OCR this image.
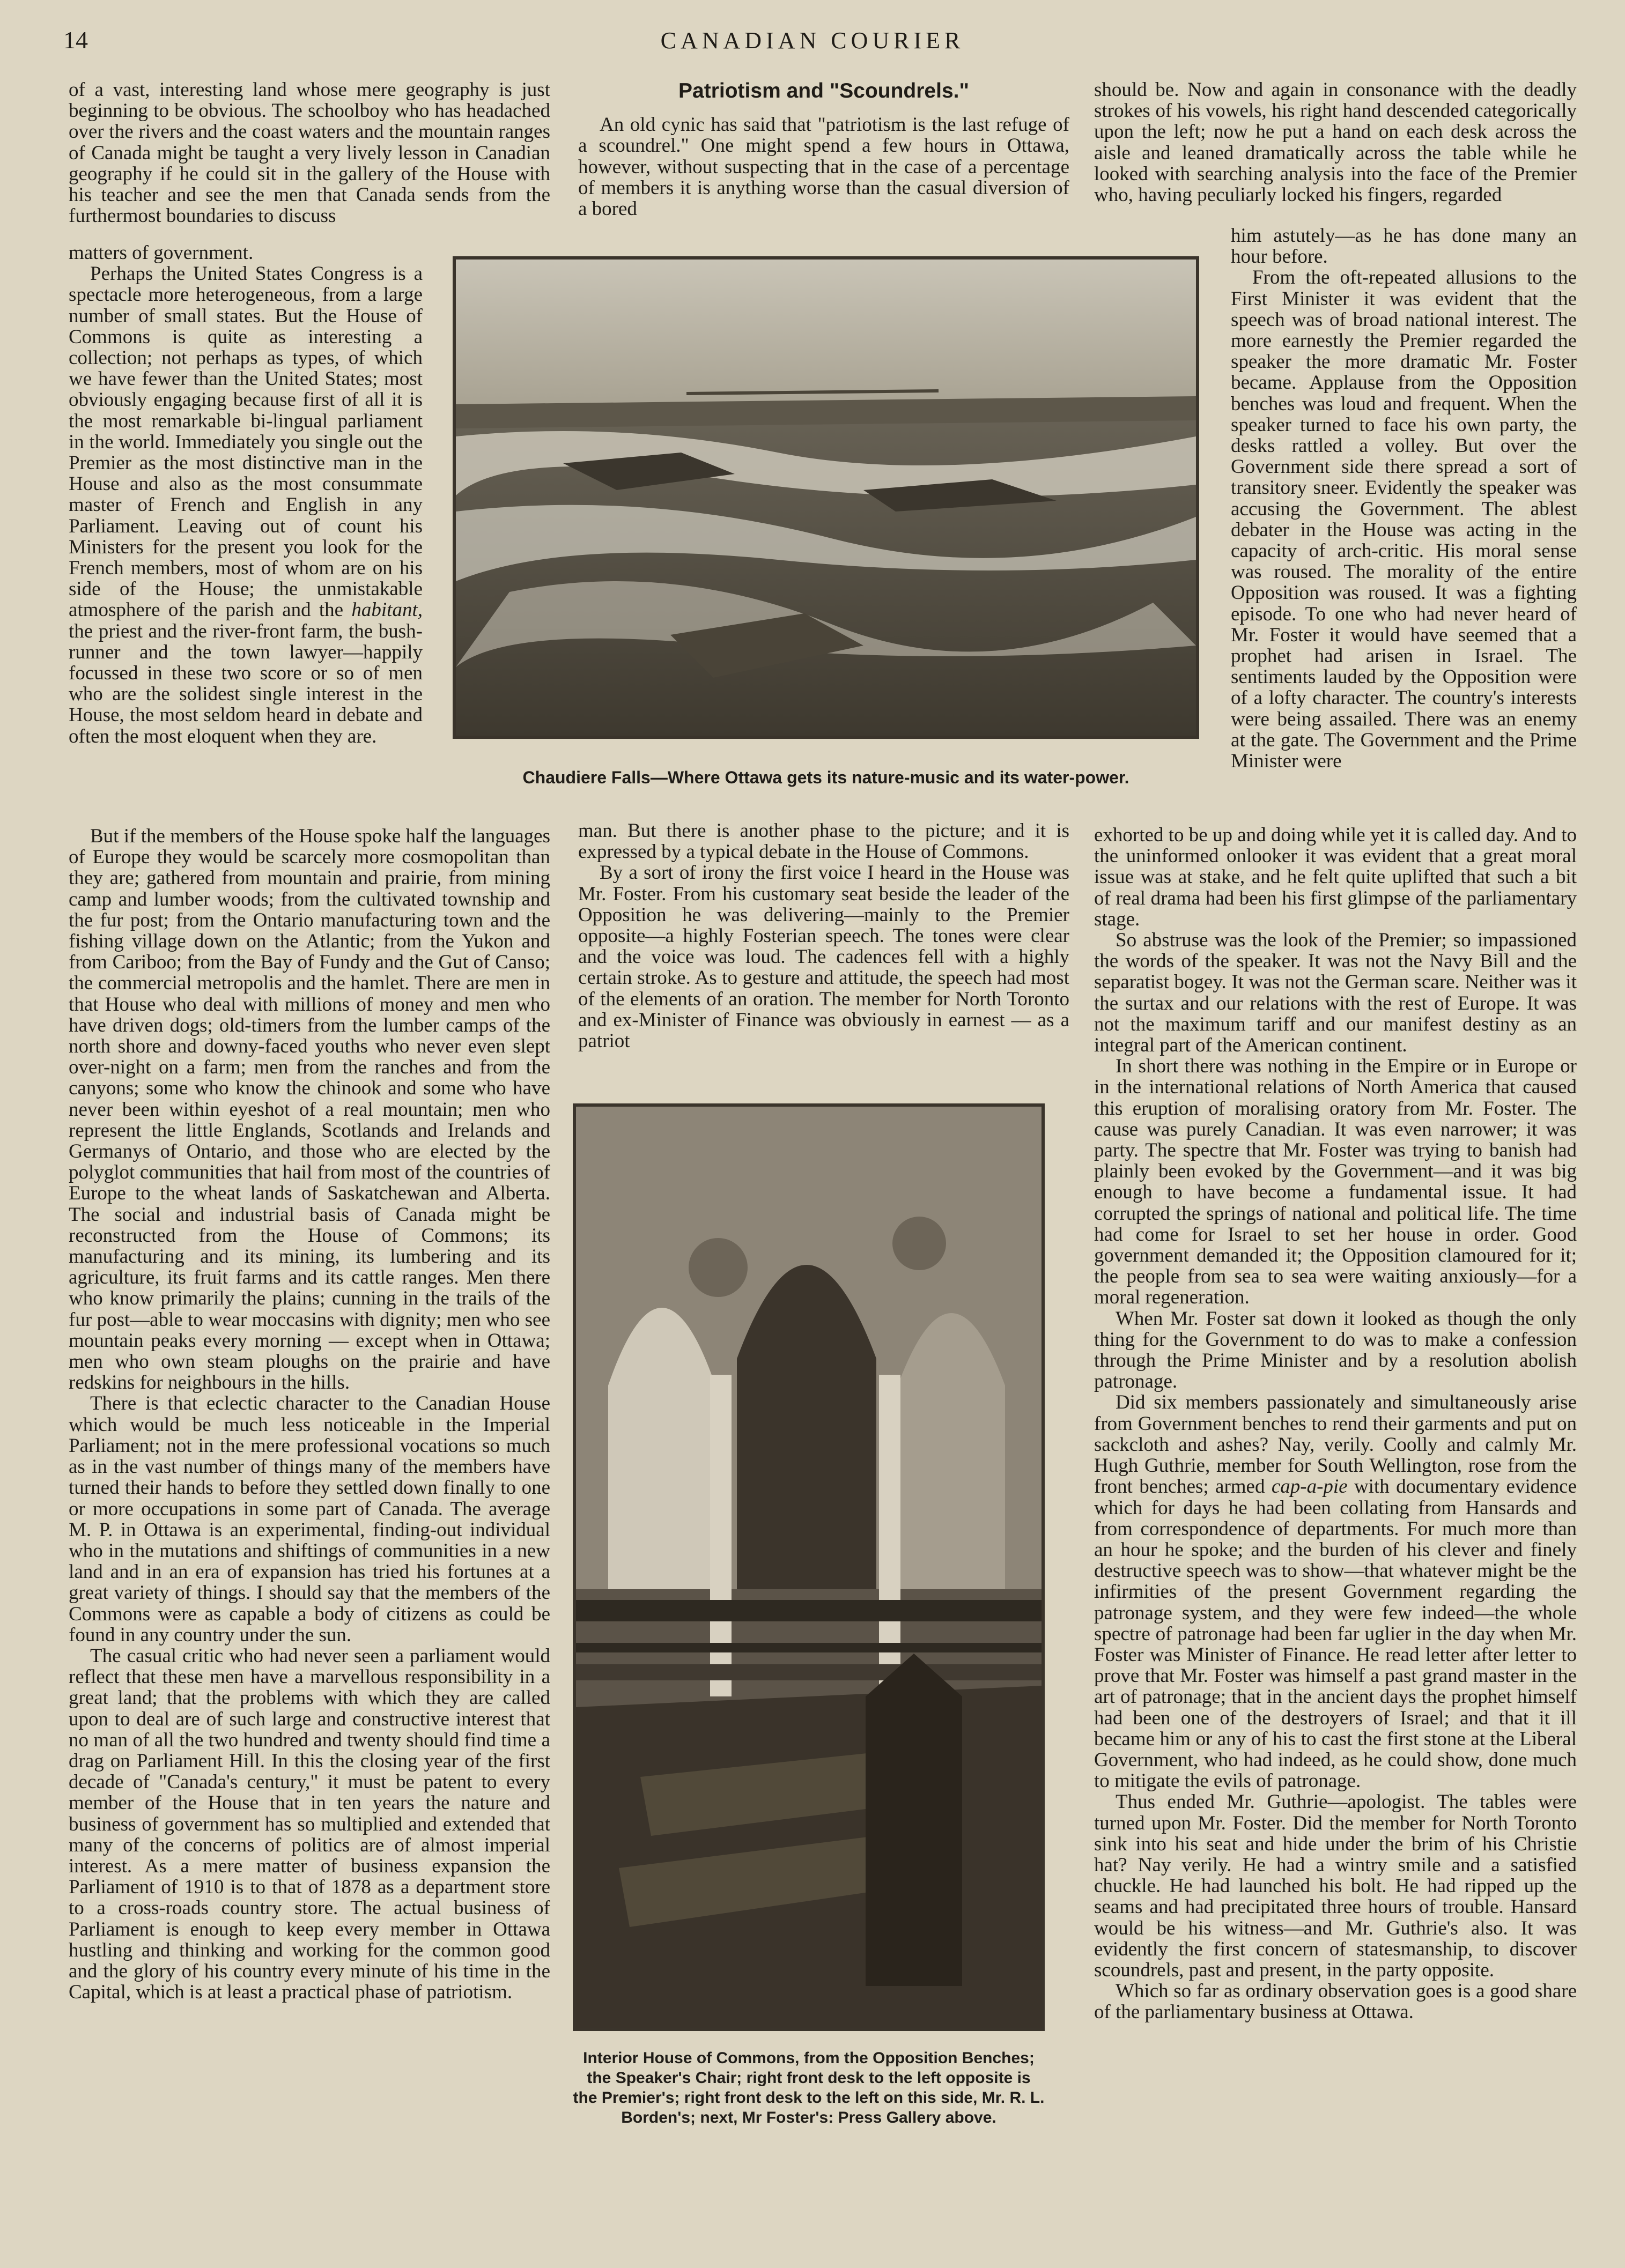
14	CANADIAN COURIER

of a vast, interesting land whose mere geography is just beginning to be obvious. The schoolboy who has headached over the rivers and the coast waters and the mountain ranges of Canada might be taught a very lively lesson in Canadian geography if he could sit in the gallery of the House with his teacher and see the men that Canada sends from the furthermost boundaries to discuss

matters of government.

Perhaps the United States Congress is a spectacle more heterogeneous, from a large number of small states. But the House of Commons is quite as interesting a collection; not perhaps as types, of which we have fewer than the United States; most obviously engaging because first of all it is the most remarkable bi-lingual parliament in the world. Immediately you single out the Premier as the most distinctive man in the House and also as the most consummate master of French and English in any Parliament. Leaving out of count his Ministers for the present you look for the French members, most of whom are on his side of the House; the unmistakable atmosphere of the parish and the habitant, the priest and the river-front farm, the bush-runner and the town lawyer—happily focussed in these two score or so of men who are the solidest single interest in the House, the most seldom heard in debate and often the most eloquent when they are.

But if the members of the House spoke half the languages of Europe they would be scarcely more cosmopolitan than they are; gathered from mountain and prairie, from mining camp and lumber woods; from the cultivated township and the fur post; from the Ontario manufacturing town and the fishing village down on the Atlantic; from the Yukon and from Cariboo; from the Bay of Fundy and the Gut of Canso; the commercial metropolis and the hamlet. There are men in that House who deal with millions of money and men who have driven dogs; old-timers from the lumber camps of the north shore and downy-faced youths who never even slept over-night on a farm; men from the ranches and from the canyons; some who know the chinook and some who have never been within eyeshot of a real mountain; men who represent the little Englands, Scotlands and Irelands and Germanys of Ontario, and those who are elected by the polyglot communities that hail from most of the countries of Europe to the wheat lands of Saskatchewan and Alberta. The social and industrial basis of Canada might be reconstructed from the House of Commons; its manufacturing and its mining, its lumbering and its agriculture, its fruit farms and its cattle ranges. Men there who know primarily the plains; cunning in the trails of the fur post—able to wear moccasins with dignity; men who see mountain peaks every morning — except when in Ottawa; men who own steam ploughs on the prairie and have redskins for neighbours in the hills.

There is that eclectic character to the Canadian House which would be much less noticeable in the Imperial Parliament; not in the mere professional vocations so much as in the vast number of things many of the members have turned their hands to before they settled down finally to one or more occupations in some part of Canada. The average M. P. in Ottawa is an experimental, finding-out individual who in the mutations and shiftings of communities in a new land and in an era of expansion has tried his fortunes at a great variety of things. I should say that the members of the Commons were as capable a body of citizens as could be found in any country under the sun.

The casual critic who had never seen a parliament would reflect that these men have a marvellous responsibility in a great land; that the problems with which they are called upon to deal are of such large and constructive interest that no man of all the two hundred and twenty should find time a drag on Parliament Hill. In this the closing year of the first decade of "Canada's century," it must be patent to every member of the House that in ten years the nature and business of government has so multiplied and extended that many of the concerns of politics are of almost imperial interest. As a mere matter of business expansion the Parliament of 1910 is to that of 1878 as a department store to a cross-roads country store. The actual business of Parliament is enough to keep every member in Ottawa hustling and thinking and working for the common good and the glory of his country every minute of his time in the Capital, which is at least a practical phase of patriotism.

Patriotism and "Scoundrels."

An old cynic has said that "patriotism is the last refuge of a scoundrel." One might spend a few hours in Ottawa, however, without suspecting that in the case of a percentage of members it is anything worse than the casual diversion of a bored

Chaudiere Falls—Where Ottawa gets its nature-music and its water-power.

man. But there is another phase to the picture; and it is expressed by a typical debate in the House of Commons.

By a sort of irony the first voice I heard in the House was Mr. Foster. From his customary seat beside the leader of the Opposition he was delivering—mainly to the Premier opposite—a highly Fosterian speech. The tones were clear and the voice was loud. The cadences fell with a highly certain stroke. As to gesture and attitude, the speech had most of the elements of an oration. The member for North Toronto and ex-Minister of Finance was obviously in earnest — as a patriot

Interior House of Commons, from the Opposition Benches; the Speaker's Chair; right front desk to the left opposite is the Premier's; right front desk to the left on this side, Mr. R. L. Borden's; next, Mr Foster's: Press Gallery above.

should be. Now and again in consonance with the deadly strokes of his vowels, his right hand descended categorically upon the left; now he put a hand on each desk across the aisle and leaned dramatically across the table while he looked with searching analysis into the face of the Premier who, having peculiarly locked his fingers, regarded

him astutely—as he has done many an hour before.

From the oft-repeated allusions to the First Minister it was evident that the speech was of broad national interest. The more earnestly the Premier regarded the speaker the more dramatic Mr. Foster became. Applause from the Opposition benches was loud and frequent. When the speaker turned to face his own party, the desks rattled a volley. But over the Government side there spread a sort of transitory sneer. Evidently the speaker was accusing the Government. The ablest debater in the House was acting in the capacity of arch-critic. His moral sense was roused. The morality of the entire Opposition was roused. It was a fighting episode. To one who had never heard of Mr. Foster it would have seemed that a prophet had arisen in Israel. The sentiments lauded by the Opposition were of a lofty character. The country's interests were being assailed. There was an enemy at the gate. The Government and the Prime Minister were

exhorted to be up and doing while yet it is called day. And to the uninformed onlooker it was evident that a great moral issue was at stake, and he felt quite uplifted that such a bit of real drama had been his first glimpse of the parliamentary stage.

So abstruse was the look of the Premier; so impassioned the words of the speaker. It was not the Navy Bill and the separatist bogey. It was not the German scare. Neither was it the surtax and our relations with the rest of Europe. It was not the maximum tariff and our manifest destiny as an integral part of the American continent.

In short there was nothing in the Empire or in Europe or in the international relations of North America that caused this eruption of moralising oratory from Mr. Foster. The cause was purely Canadian. It was even narrower; it was party. The spectre that Mr. Foster was trying to banish had plainly been evoked by the Government—and it was big enough to have become a fundamental issue. It had corrupted the springs of national and political life. The time had come for Israel to set her house in order. Good government demanded it; the Opposition clamoured for it; the people from sea to sea were waiting anxiously—for a moral regeneration.

When Mr. Foster sat down it looked as though the only thing for the Government to do was to make a confession through the Prime Minister and by a resolution abolish patronage.

Did six members passionately and simultaneously arise from Government benches to rend their garments and put on sackcloth and ashes? Nay, verily. Coolly and calmly Mr. Hugh Guthrie, member for South Wellington, rose from the front benches; armed cap-a-pie with documentary evidence which for days he had been collating from Hansards and from correspondence of departments. For much more than an hour he spoke; and the burden of his clever and finely destructive speech was to show—that whatever might be the infirmities of the present Government regarding the patronage system, and they were few indeed—the whole spectre of patronage had been far uglier in the day when Mr. Foster was Minister of Finance. He read letter after letter to prove that Mr. Foster was himself a past grand master in the art of patronage; that in the ancient days the prophet himself had been one of the destroyers of Israel; and that it ill became him or any of his to cast the first stone at the Liberal Government, who had indeed, as he could show, done much to mitigate the evils of patronage.

Thus ended Mr. Guthrie—apologist. The tables were turned upon Mr. Foster. Did the member for North Toronto sink into his seat and hide under the brim of his Christie hat? Nay verily. He had a wintry smile and a satisfied chuckle. He had launched his bolt. He had ripped up the seams and had precipitated three hours of trouble. Hansard would be his witness—and Mr. Guthrie's also. It was evidently the first concern of statesmanship, to discover scoundrels, past and present, in the party opposite.

Which so far as ordinary observation goes is a good share of the parliamentary business at Ottawa.
